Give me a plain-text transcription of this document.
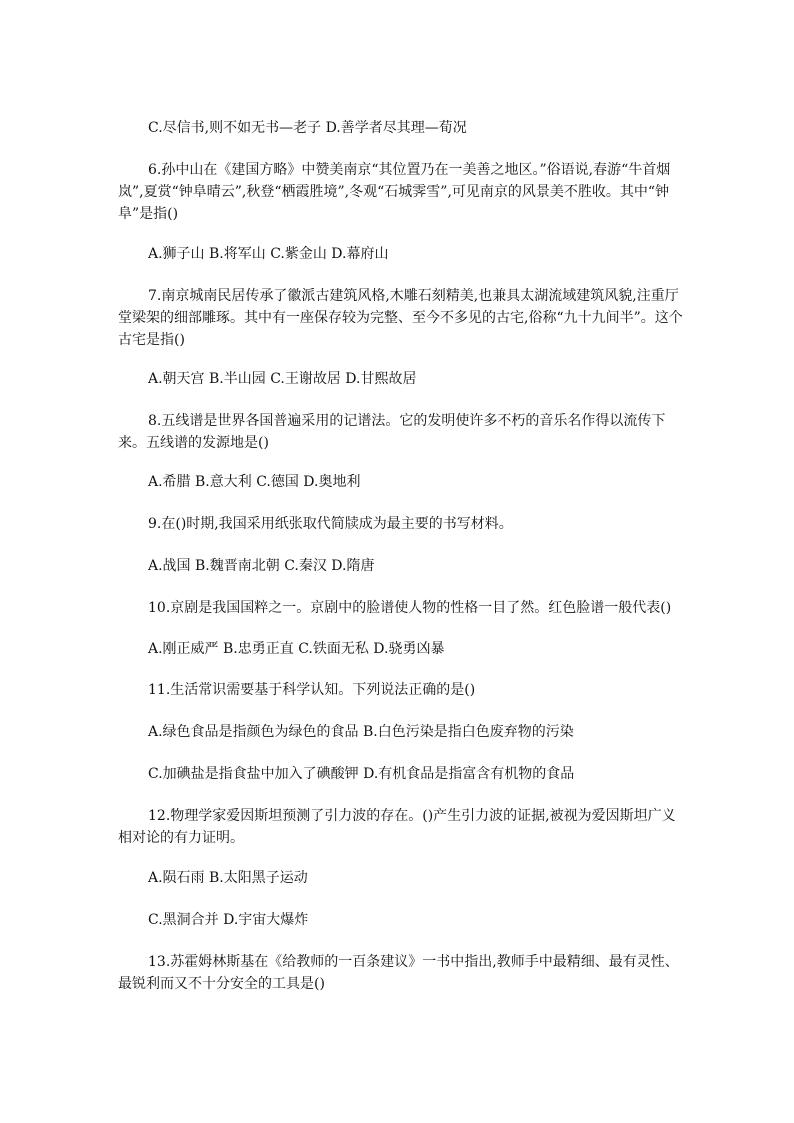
C.尽信书,则不如无书—老子 D.善学者尽其理—荀况

6.孙中山在《建国方略》中赞美南京“其位置乃在一美善之地区。”俗语说,春游“牛首烟岚”,夏赏“钟阜晴云”,秋登“栖霞胜境”,冬观“石城霁雪”,可见南京的风景美不胜收。其中“钟阜”是指()

A.狮子山 B.将军山 C.紫金山 D.幕府山

7.南京城南民居传承了徽派古建筑风格,木雕石刻精美,也兼具太湖流域建筑风貌,注重厅堂梁架的细部雕琢。其中有一座保存较为完整、至今不多见的古宅,俗称“九十九间半”。这个古宅是指()

A.朝天宫 B.半山园 C.王谢故居 D.甘熙故居

8.五线谱是世界各国普遍采用的记谱法。它的发明使许多不朽的音乐名作得以流传下来。五线谱的发源地是()

A.希腊 B.意大利 C.德国 D.奥地利

9.在()时期,我国采用纸张取代简牍成为最主要的书写材料。

A.战国 B.魏晋南北朝 C.秦汉 D.隋唐

10.京剧是我国国粹之一。京剧中的脸谱使人物的性格一目了然。红色脸谱一般代表()

A.刚正威严 B.忠勇正直 C.铁面无私 D.骁勇凶暴

11.生活常识需要基于科学认知。下列说法正确的是()

A.绿色食品是指颜色为绿色的食品 B.白色污染是指白色废弃物的污染

C.加碘盐是指食盐中加入了碘酸钾 D.有机食品是指富含有机物的食品

12.物理学家爱因斯坦预测了引力波的存在。()产生引力波的证据,被视为爱因斯坦广义相对论的有力证明。

A.陨石雨 B.太阳黑子运动

C.黑洞合并 D.宇宙大爆炸

13.苏霍姆林斯基在《给教师的一百条建议》一书中指出,教师手中最精细、最有灵性、最锐利而又不十分安全的工具是()
